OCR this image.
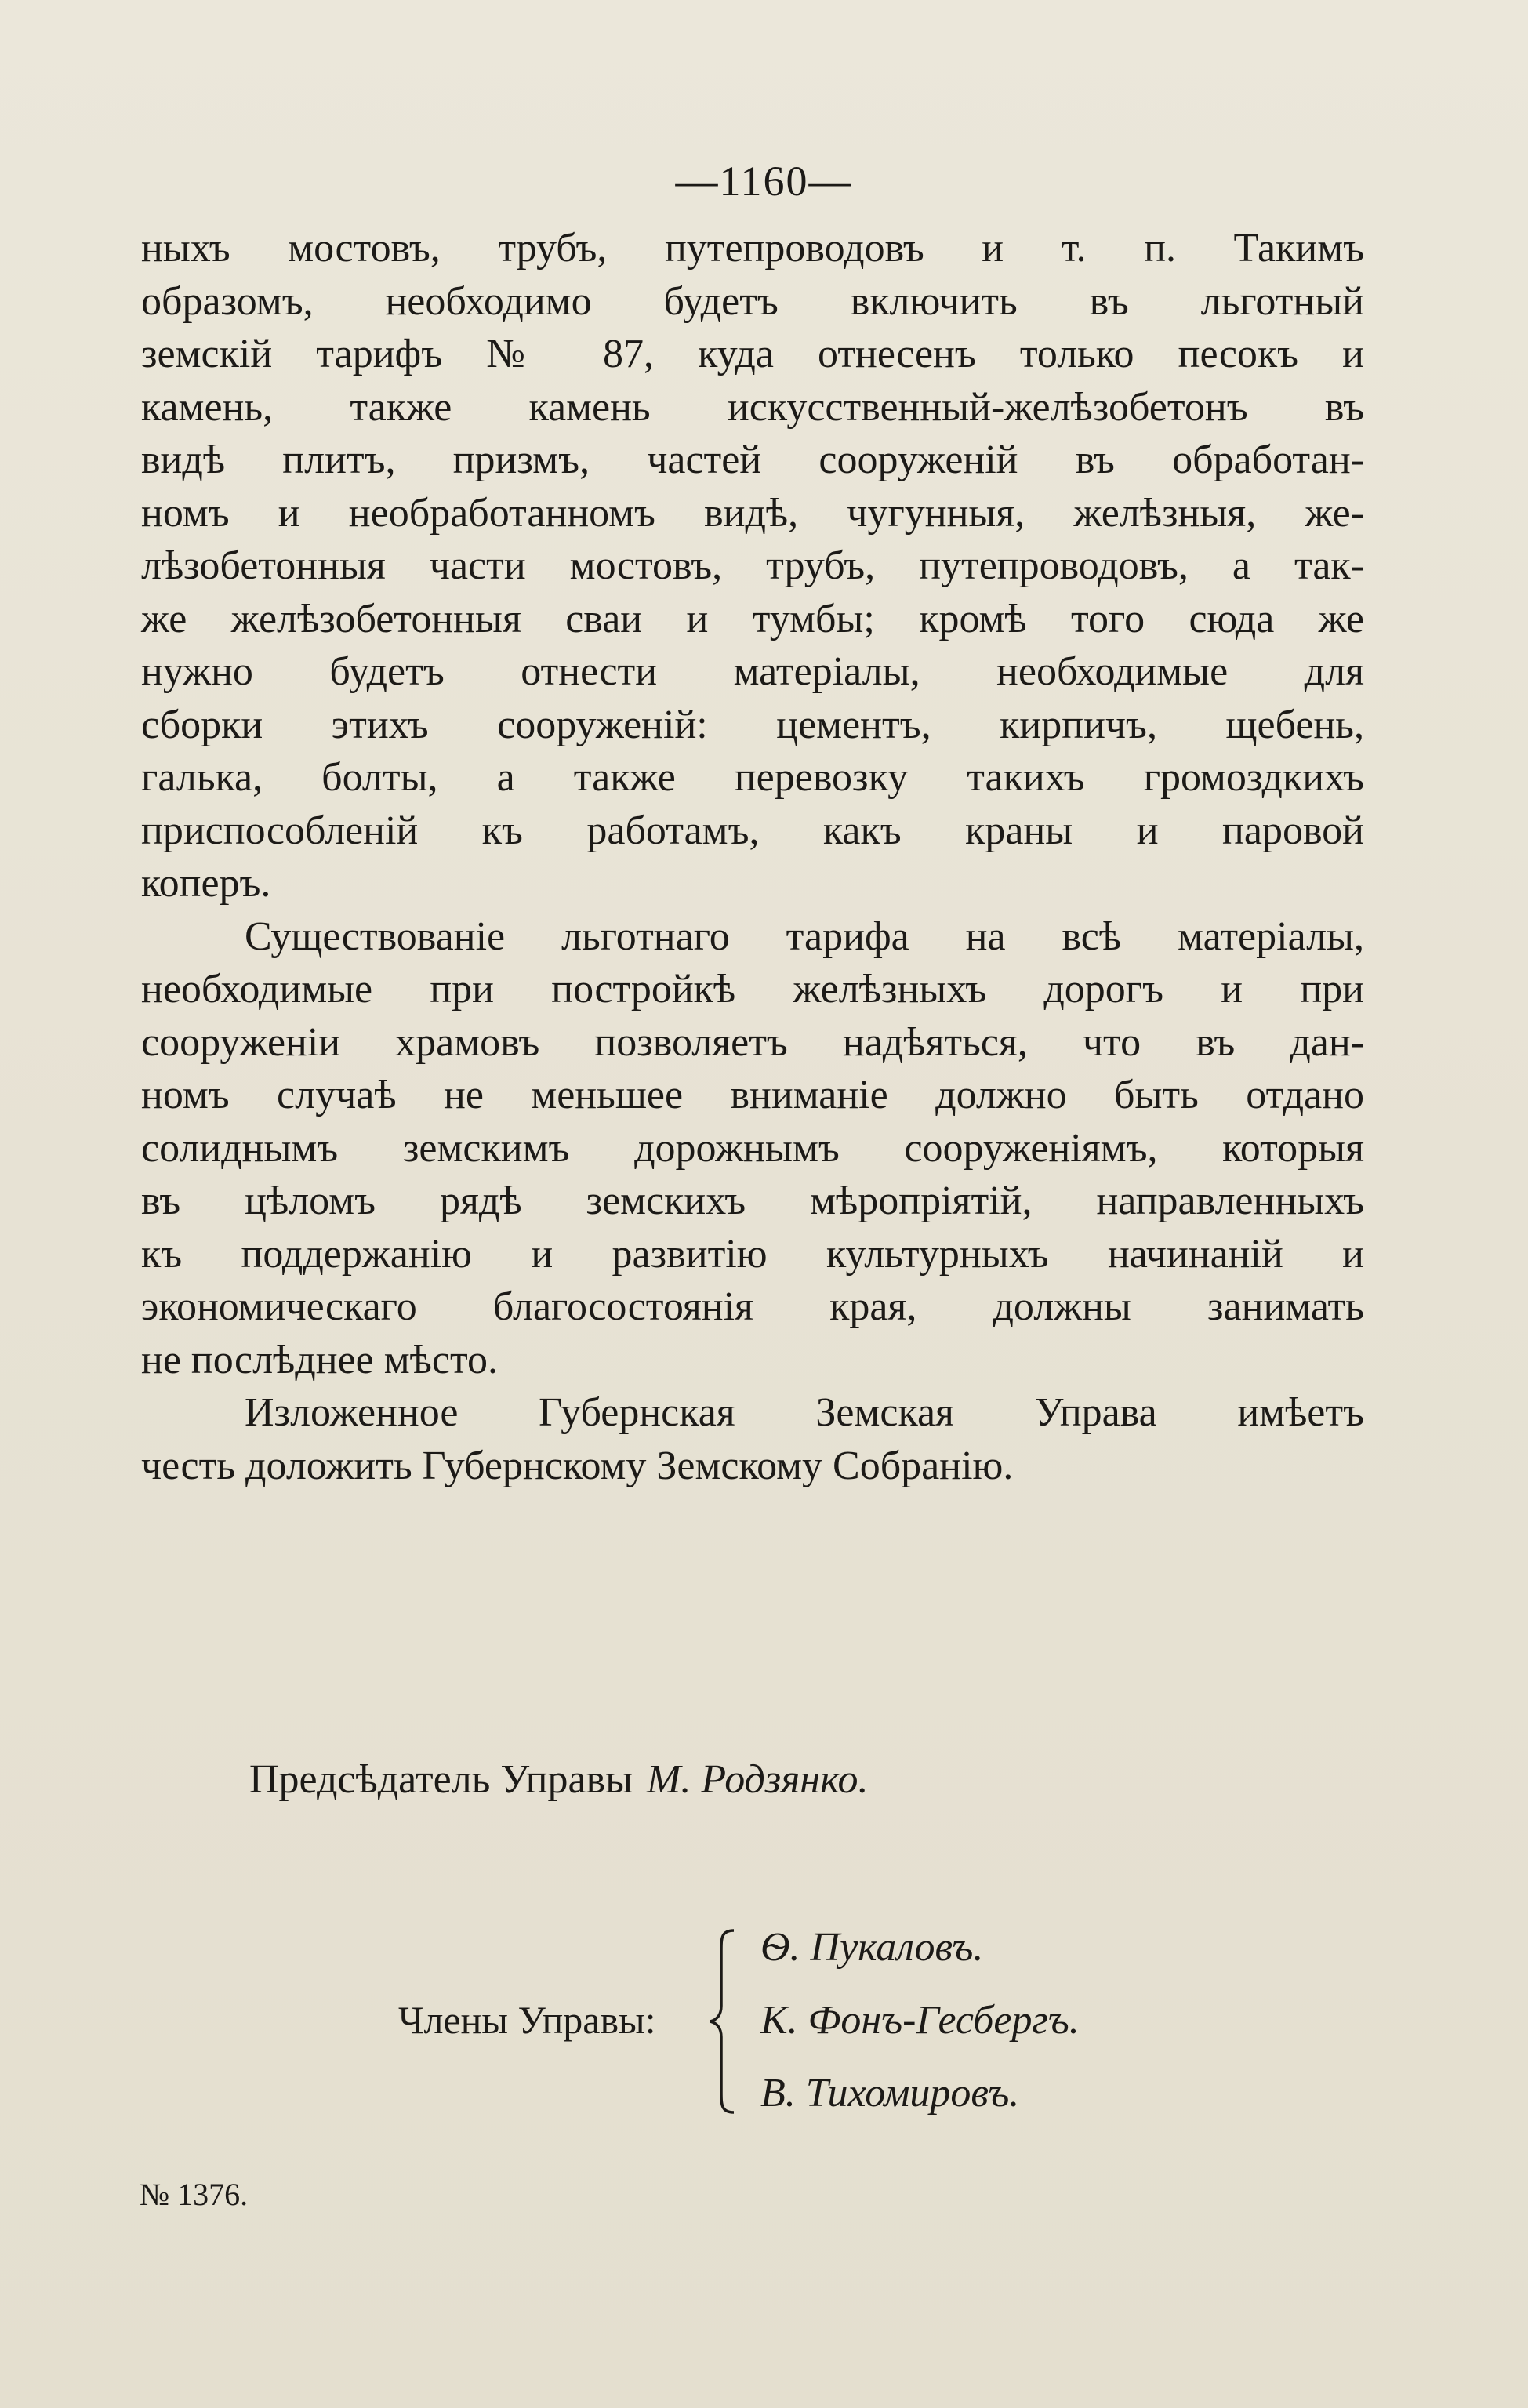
—1160—

ныхъ мостовъ, трубъ, путепроводовъ и т. п. Такимъ
образомъ, необходимо будетъ включить въ льготный
земскій тарифъ № 87, куда отнесенъ только песокъ и
камень, также камень искусственный-желѣзобетонъ въ
видѣ плитъ, призмъ, частей сооруженій въ обработан-
номъ и необработанномъ видѣ, чугунныя, желѣзныя, же-
лѣзобетонныя части мостовъ, трубъ, путепроводовъ, а так-
же желѣзобетонныя сваи и тумбы; кромѣ того сюда же
нужно будетъ отнести матеріалы, необходимые для
сборки этихъ сооруженій: цементъ, кирпичъ, щебень,
галька, болты, а также перевозку такихъ громоздкихъ
приспособленій къ работамъ, какъ краны и паровой
коперъ.

Существованіе льготнаго тарифа на всѣ матеріалы,
необходимые при постройкѣ желѣзныхъ дорогъ и при
сооруженіи храмовъ позволяетъ надѣяться, что въ дан-
номъ случаѣ не меньшее вниманіе должно быть отдано
солиднымъ земскимъ дорожнымъ сооруженіямъ, которыя
въ цѣломъ рядѣ земскихъ мѣропріятій, направленныхъ
къ поддержанію и развитію культурныхъ начинаній и
экономическаго благосостоянія края, должны занимать
не послѣднее мѣсто.

Изложенное Губернская Земская Управа имѣетъ
честь доложить Губернскому Земскому Собранію.

Предсѣдатель Управы М. Родзянко.
Члены Управы:
Ѳ. Пукаловъ.
К. Фонъ-Гесбергъ.
В. Тихомировъ.
№ 1376.
